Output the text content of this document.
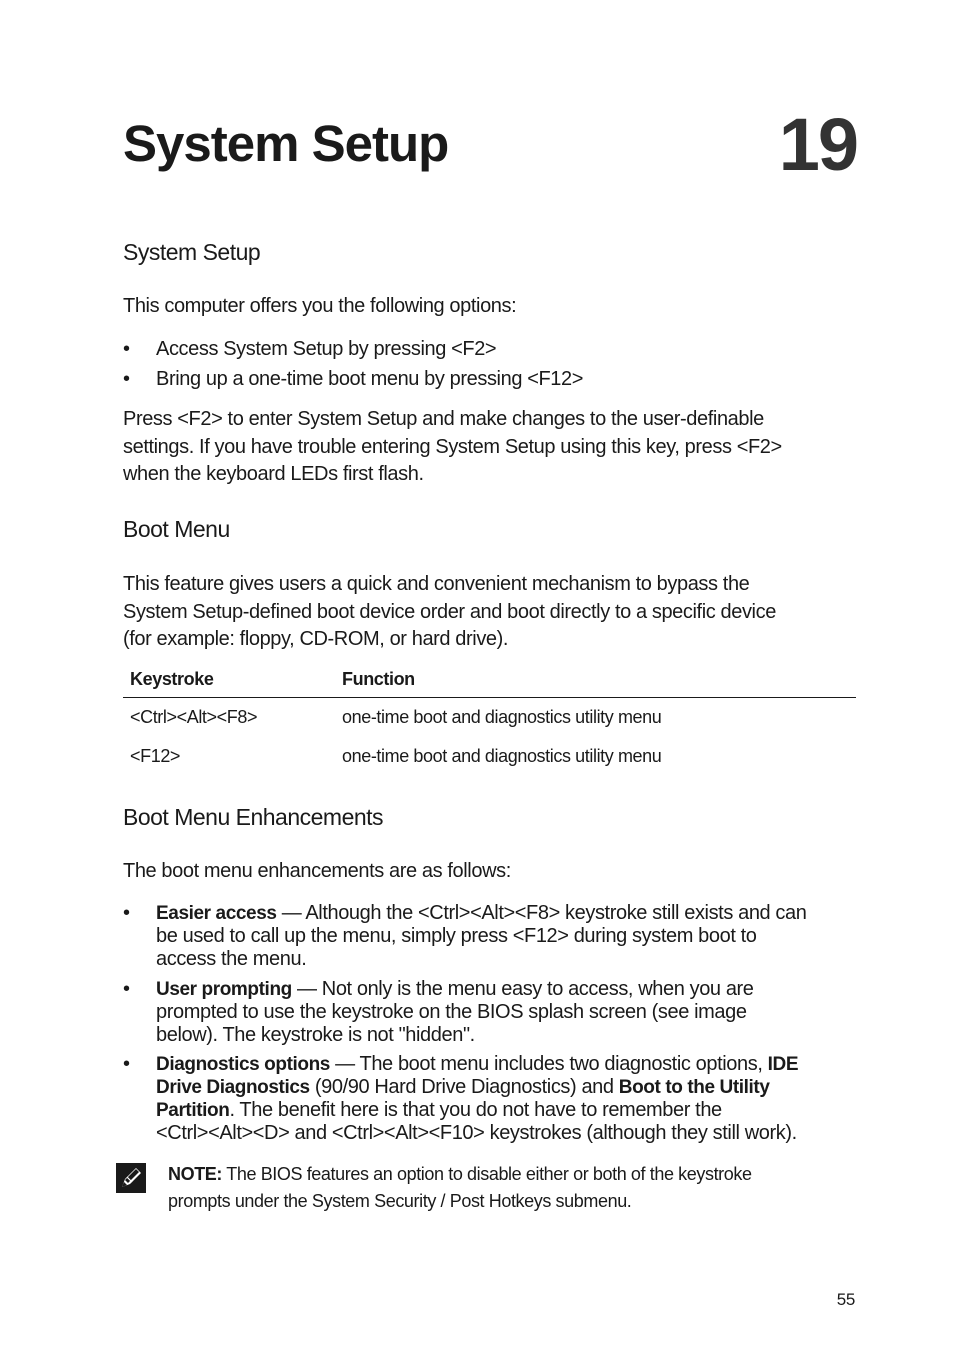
System Setup	19
System Setup
This computer offers you the following options:
• Access System Setup by pressing <F2>
• Bring up a one-time boot menu by pressing <F12>
Press <F2> to enter System Setup and make changes to the user-definable
settings. If you have trouble entering System Setup using this key, press <F2>
when the keyboard LEDs first flash.
Boot Menu
This feature gives users a quick and convenient mechanism to bypass the
System Setup-defined boot device order and boot directly to a specific device
(for example: floppy, CD-ROM, or hard drive).
Keystroke	Function
<Ctrl><Alt><F8>	one-time boot and diagnostics utility menu
<F12>	one-time boot and diagnostics utility menu
Boot Menu Enhancements
The boot menu enhancements are as follows:
• Easier access — Although the <Ctrl><Alt><F8> keystroke still exists and can
be used to call up the menu, simply press <F12> during system boot to
access the menu.
• User prompting — Not only is the menu easy to access, when you are
prompted to use the keystroke on the BIOS splash screen (see image
below). The keystroke is not "hidden".
• Diagnostics options — The boot menu includes two diagnostic options, IDE
Drive Diagnostics (90/90 Hard Drive Diagnostics) and Boot to the Utility
Partition. The benefit here is that you do not have to remember the
<Ctrl><Alt><D> and <Ctrl><Alt><F10> keystrokes (although they still work).
NOTE: The BIOS features an option to disable either or both of the keystroke
prompts under the System Security / Post Hotkeys submenu.
55
